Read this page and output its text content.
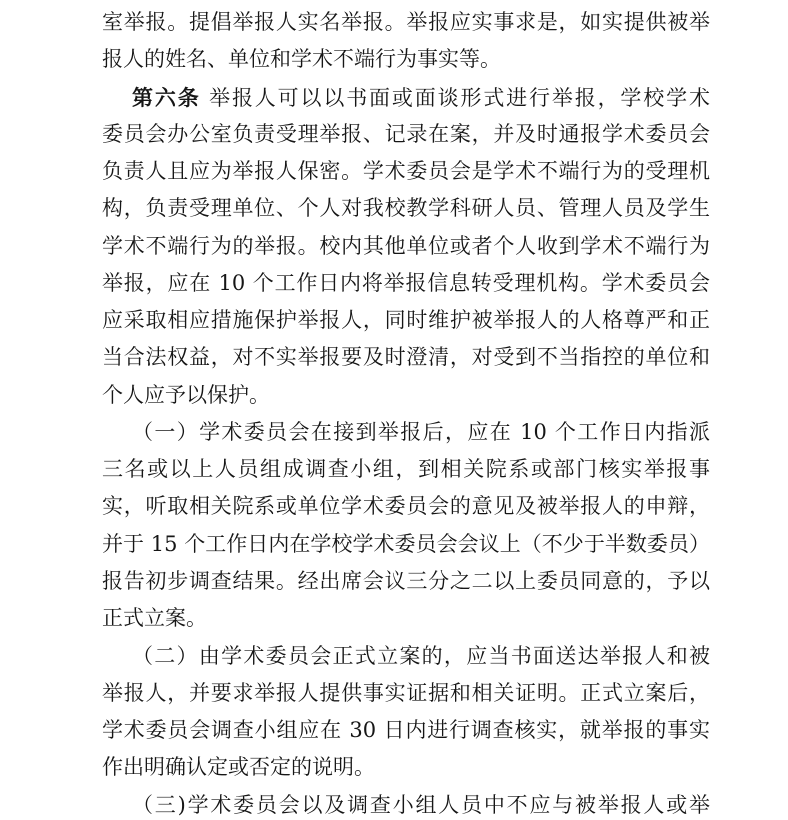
室举报。提倡举报人实名举报。举报应实事求是，如实提供被举
报人的姓名、单位和学术不端行为事实等。
第六条 举报人可以以书面或面谈形式进行举报，学校学术
委员会办公室负责受理举报、记录在案，并及时通报学术委员会
负责人且应为举报人保密。学术委员会是学术不端行为的受理机
构，负责受理单位、个人对我校教学科研人员、管理人员及学生
学术不端行为的举报。校内其他单位或者个人收到学术不端行为
举报，应在 10 个工作日内将举报信息转受理机构。学术委员会
应采取相应措施保护举报人，同时维护被举报人的人格尊严和正
当合法权益，对不实举报要及时澄清，对受到不当指控的单位和
个人应予以保护。
（一）学术委员会在接到举报后，应在 10 个工作日内指派
三名或以上人员组成调查小组，到相关院系或部门核实举报事
实，听取相关院系或单位学术委员会的意见及被举报人的申辩，
并于 15 个工作日内在学校学术委员会会议上（不少于半数委员）
报告初步调查结果。经出席会议三分之二以上委员同意的，予以
正式立案。
（二）由学术委员会正式立案的，应当书面送达举报人和被
举报人，并要求举报人提供事实证据和相关证明。正式立案后，
学术委员会调查小组应在 30 日内进行调查核实，就举报的事实
作出明确认定或否定的说明。
（三)学术委员会以及调查小组人员中不应与被举报人或举
